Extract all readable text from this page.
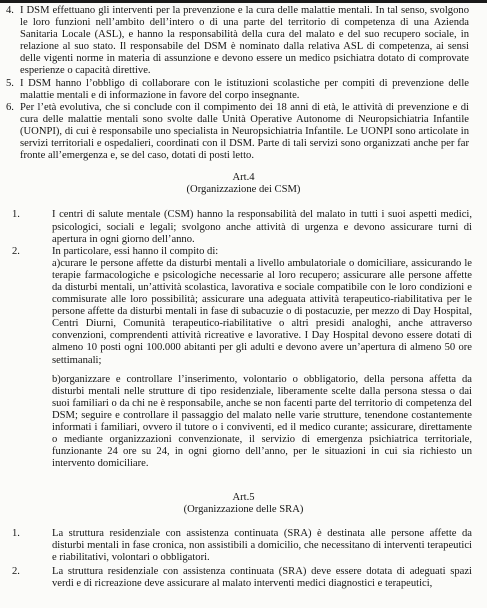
4. I DSM effettuano gli interventi per la prevenzione e la cura delle malattie mentali. In tal senso, svolgono le loro funzioni nell’ambito dell’intero o di una parte del territorio di competenza di una Azienda Sanitaria Locale (ASL), e hanno la responsabilità della cura del malato e del suo recupero sociale, in relazione al suo stato. Il responsabile del DSM è nominato dalla relativa ASL di competenza, ai sensi delle vigenti norme in materia di assunzione e devono essere un medico psichiatra dotato di comprovate esperienze o capacità direttive.
5. I DSM hanno l’obbligo di collaborare con le istituzioni scolastiche per compiti di prevenzione delle malattie mentali e di informazione in favore del corpo insegnante.
6. Per l’età evolutiva, che si conclude con il compimento dei 18 anni di età, le attività di prevenzione e di cura delle malattie mentali sono svolte dalle Unità Operative Autonome di Neuropsichiatria Infantile (UONPI), di cui è responsabile uno specialista in Neuropsichiatria Infantile. Le UONPI sono articolate in servizi territoriali e ospedalieri, coordinati con il DSM. Parte di tali servizi sono organizzati anche per far fronte all’emergenza e, se del caso, dotati di posti letto.
Art.4
(Organizzazione dei CSM)
1.	I centri di salute mentale (CSM) hanno la responsabilità del malato in tutti i suoi aspetti medici, psicologici, sociali e legali; svolgono anche attività di urgenza e devono assicurare turni di apertura in ogni giorno dell’anno.
2.	In particolare, essi hanno il compito di:
a)curare le persone affette da disturbi mentali a livello ambulatoriale o domiciliare, assicurando le terapie farmacologiche e psicologiche necessarie al loro recupero; assicurare alle persone affette da disturbi mentali, un’attività scolastica, lavorativa e sociale compatibile con le loro condizioni e commisurate alle loro possibilità; assicurare una adeguata attività terapeutico-riabilitativa per le persone affette da disturbi mentali in fase di subacuzie o di postacuzie, per mezzo di Day Hospital, Centri Diurni, Comunità terapeutico-riabilitative o altri presidi analoghi, anche attraverso convenzioni, comprendenti attività ricreative e lavorative. I Day Hospital devono essere dotati di almeno 10 posti ogni 100.000 abitanti per gli adulti e devono avere un’apertura di almeno 50 ore settimanali;
b)organizzare e controllare l’inserimento, volontario o obbligatorio, della persona affetta da disturbi mentali nelle strutture di tipo residenziale, liberamente scelte dalla persona stessa o dai suoi familiari o da chi ne è responsabile, anche se non facenti parte del territorio di competenza del DSM; seguire e controllare il passaggio del malato nelle varie strutture, tenendone costantemente informati i familiari, ovvero il tutore o i conviventi, ed il medico curante; assicurare, direttamente o mediante organizzazioni convenzionate, il servizio di emergenza psichiatrica territoriale, funzionante 24 ore su 24, in ogni giorno dell’anno, per le situazioni in cui sia richiesto un intervento domiciliare.
Art.5
(Organizzazione delle SRA)
1.	La struttura residenziale con assistenza continuata (SRA) è destinata alle persone affette da disturbi mentali in fase cronica, non assistibili a domicilio, che necessitano di interventi terapeutici e riabilitativi, volontari o obbligatori.
2.	La struttura residenziale con assistenza continuata (SRA) deve essere dotata di adeguati spazi verdi e di ricreazione deve assicurare al malato interventi medici diagnostici e terapeutici,
